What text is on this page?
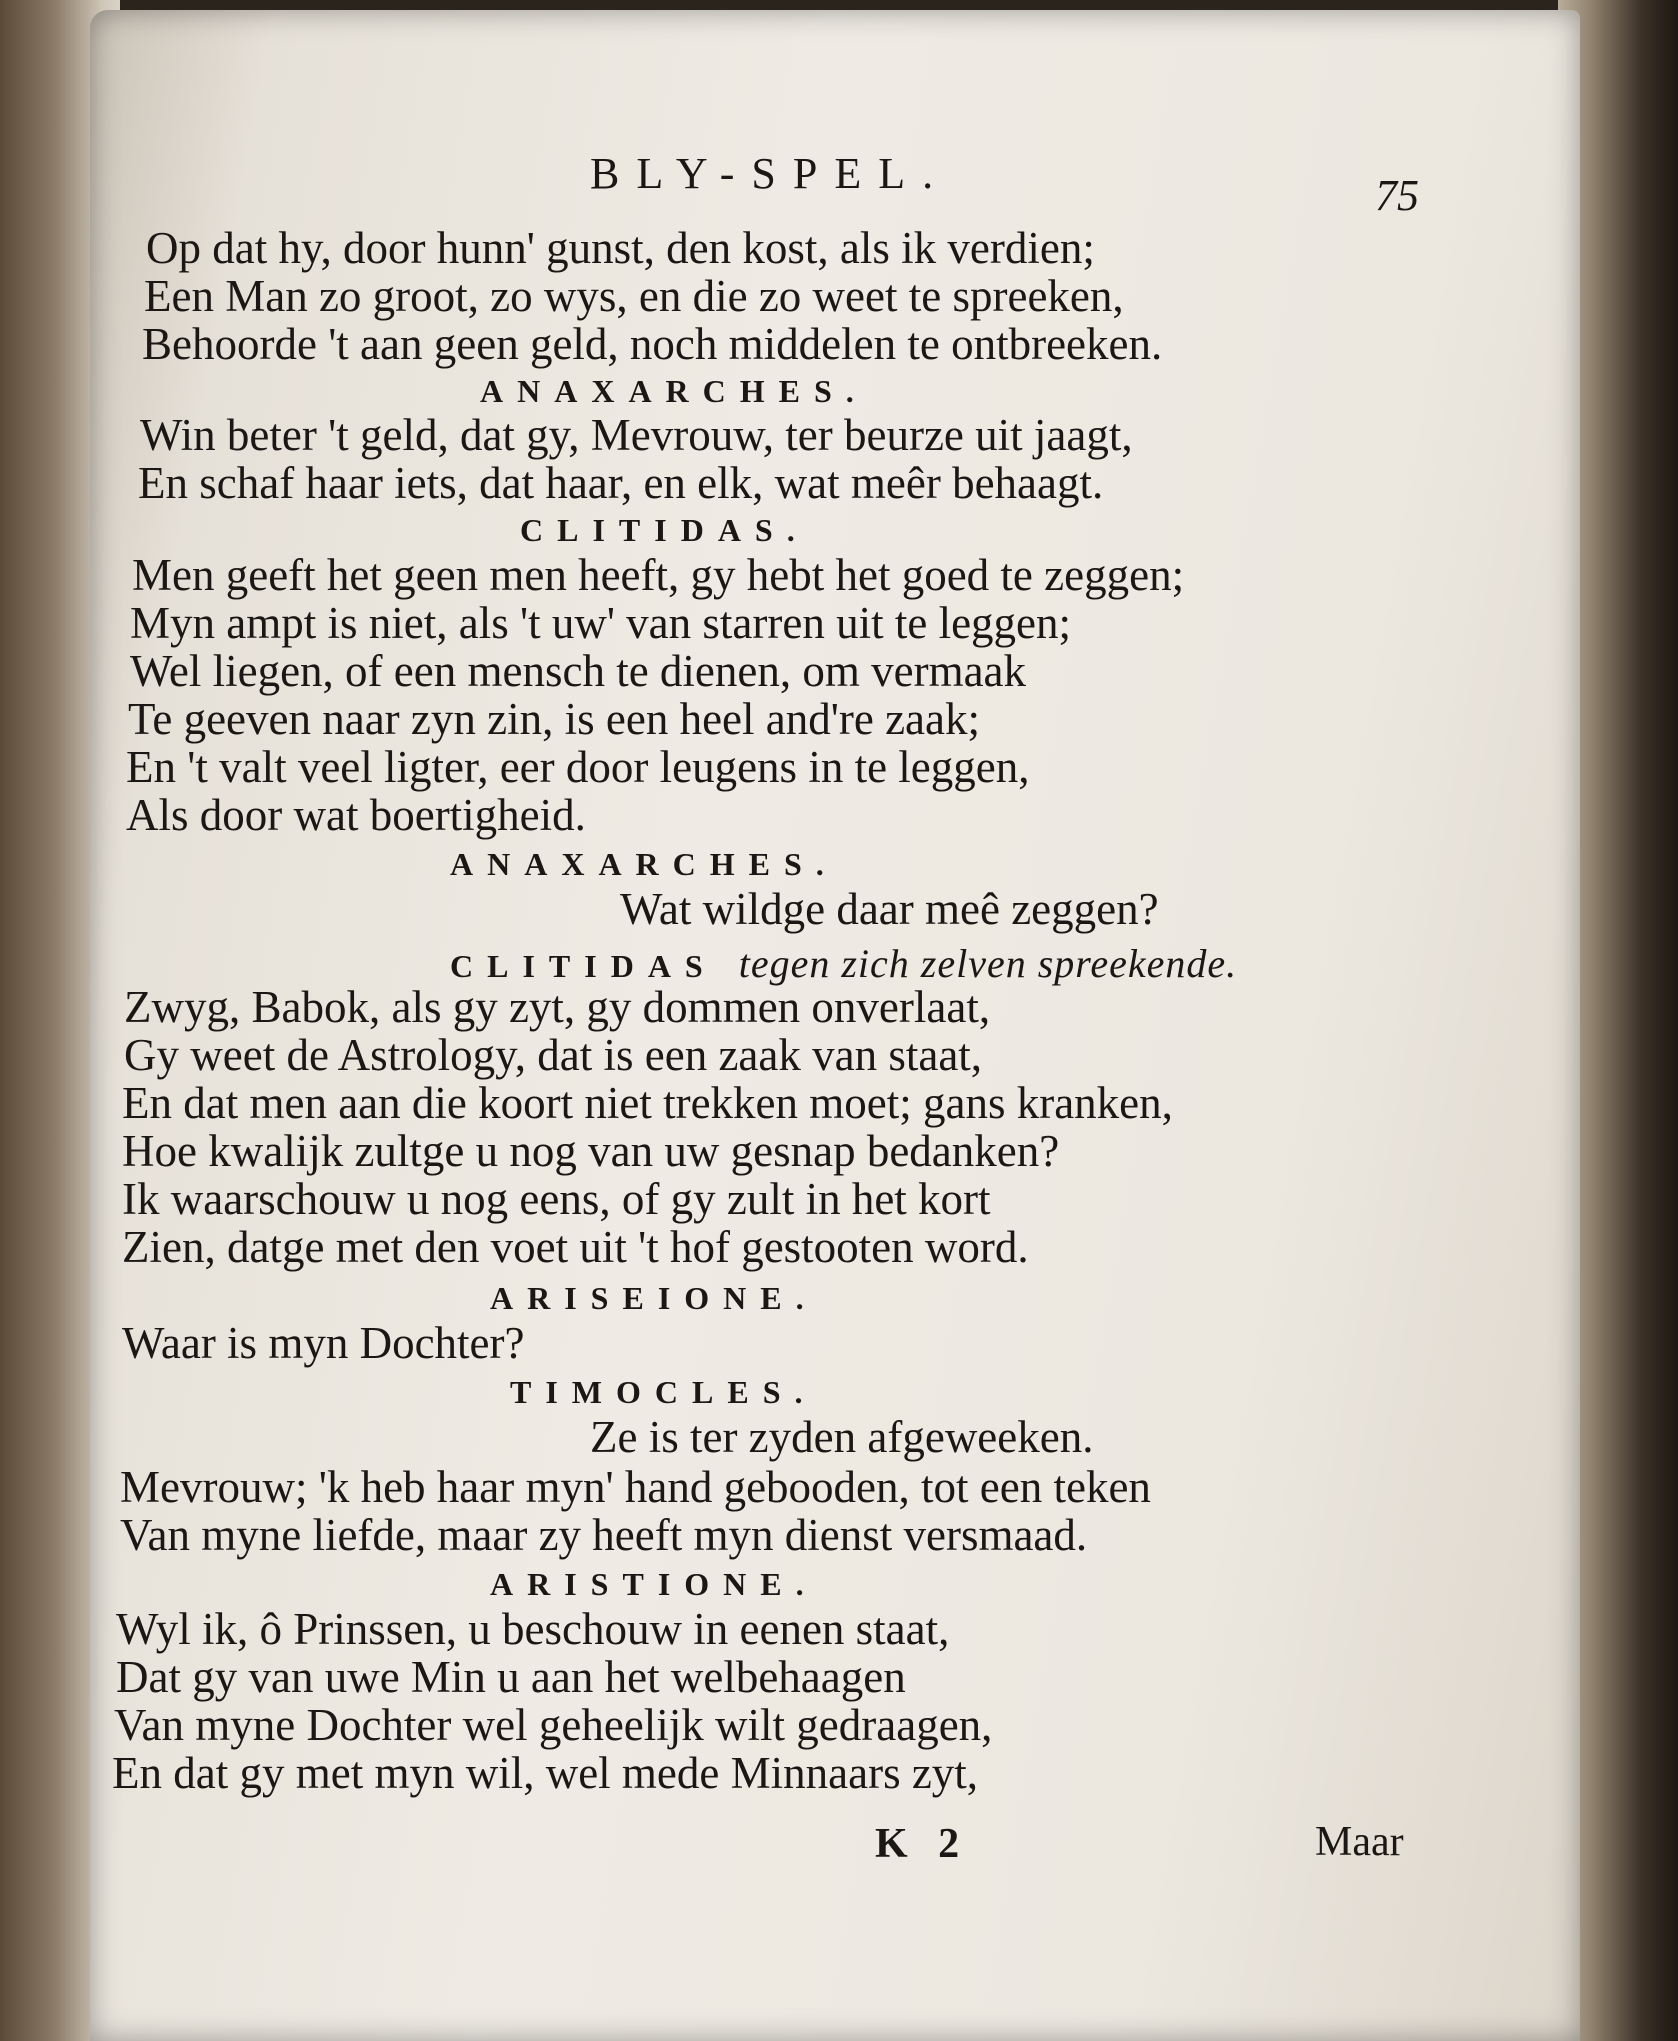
BLY-SPEL.	75
Op dat hy, door hunn' gunst, den kost, als ik verdien;
Een Man zo groot, zo wys, en die zo weet te spreeken,
Behoorde 't aan geen geld, noch middelen te ontbreeken.
ANAXARCHES.
Win beter 't geld, dat gy, Mevrouw, ter beurze uit jaagt,
En schaf haar iets, dat haar, en elk, wat meêr behaagt.
CLITIDAS.
Men geeft het geen men heeft, gy hebt het goed te zeggen;
Myn ampt is niet, als 't uw' van starren uit te leggen;
Wel liegen, of een mensch te dienen, om vermaak
Te geeven naar zyn zin, is een heel and're zaak;
En 't valt veel ligter, eer door leugens in te leggen,
Als door wat boertigheid.
ANAXARCHES.
Wat wildge daar meê zeggen?
CLITIDAS tegen zich zelven spreekende.
Zwyg, Babok, als gy zyt, gy dommen onverlaat,
Gy weet de Astrology, dat is een zaak van staat,
En dat men aan die koort niet trekken moet; gans kranken,
Hoe kwalijk zultge u nog van uw gesnap bedanken?
Ik waarschouw u nog eens, of gy zult in het kort
Zien, datge met den voet uit 't hof gestooten word.
ARISEIONE.
Waar is myn Dochter?
TIMOCLES.
Ze is ter zyden afgeweeken.
Mevrouw; 'k heb haar myn' hand gebooden, tot een teken
Van myne liefde, maar zy heeft myn dienst versmaad.
ARISTIONE.
Wyl ik, ô Prinssen, u beschouw in eenen staat,
Dat gy van uwe Min u aan het welbehaagen
Van myne Dochter wel geheelijk wilt gedraagen,
En dat gy met myn wil, wel mede Minnaars zyt,
K 2	Maar
